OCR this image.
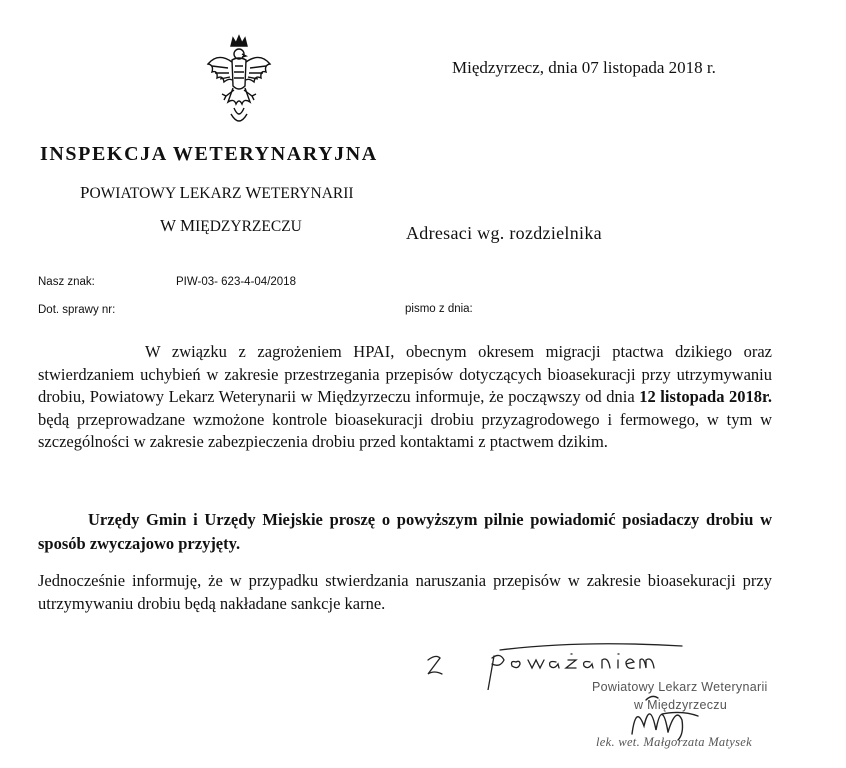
Międzyrzecz, dnia 07 listopada 2018 r.
INSPEKCJA WETERYNARYJNA
POWIATOWY LEKARZ WETERYNARII
W MIĘDZYRZECZU	Adresaci wg. rozdzielnika
Nasz znak:	PIW-03- 623-4-04/2018
Dot. sprawy nr:	pismo z dnia:
W związku z zagrożeniem HPAI, obecnym okresem migracji ptactwa dzikiego oraz stwierdzaniem uchybień w zakresie przestrzegania przepisów dotyczących bioasekuracji przy utrzymywaniu drobiu, Powiatowy Lekarz Weterynarii w Międzyrzeczu informuje, że począwszy od dnia 12 listopada 2018r. będą przeprowadzane wzmożone kontrole bioasekuracji drobiu przyzagrodowego i fermowego, w tym w szczególności w zakresie zabezpieczenia drobiu przed kontaktami z ptactwem dzikim.
Urzędy Gmin i Urzędy Miejskie proszę o powyższym pilnie powiadomić posiadaczy drobiu w sposób zwyczajowo przyjęty.
Jednocześnie informuję, że w przypadku stwierdzania naruszania przepisów w zakresie bioasekuracji przy utrzymywaniu drobiu będą nakładane sankcje karne.
Powiatowy Lekarz Weterynarii
w Międzyrzeczu
lek. wet. Małgorzata Matysek
